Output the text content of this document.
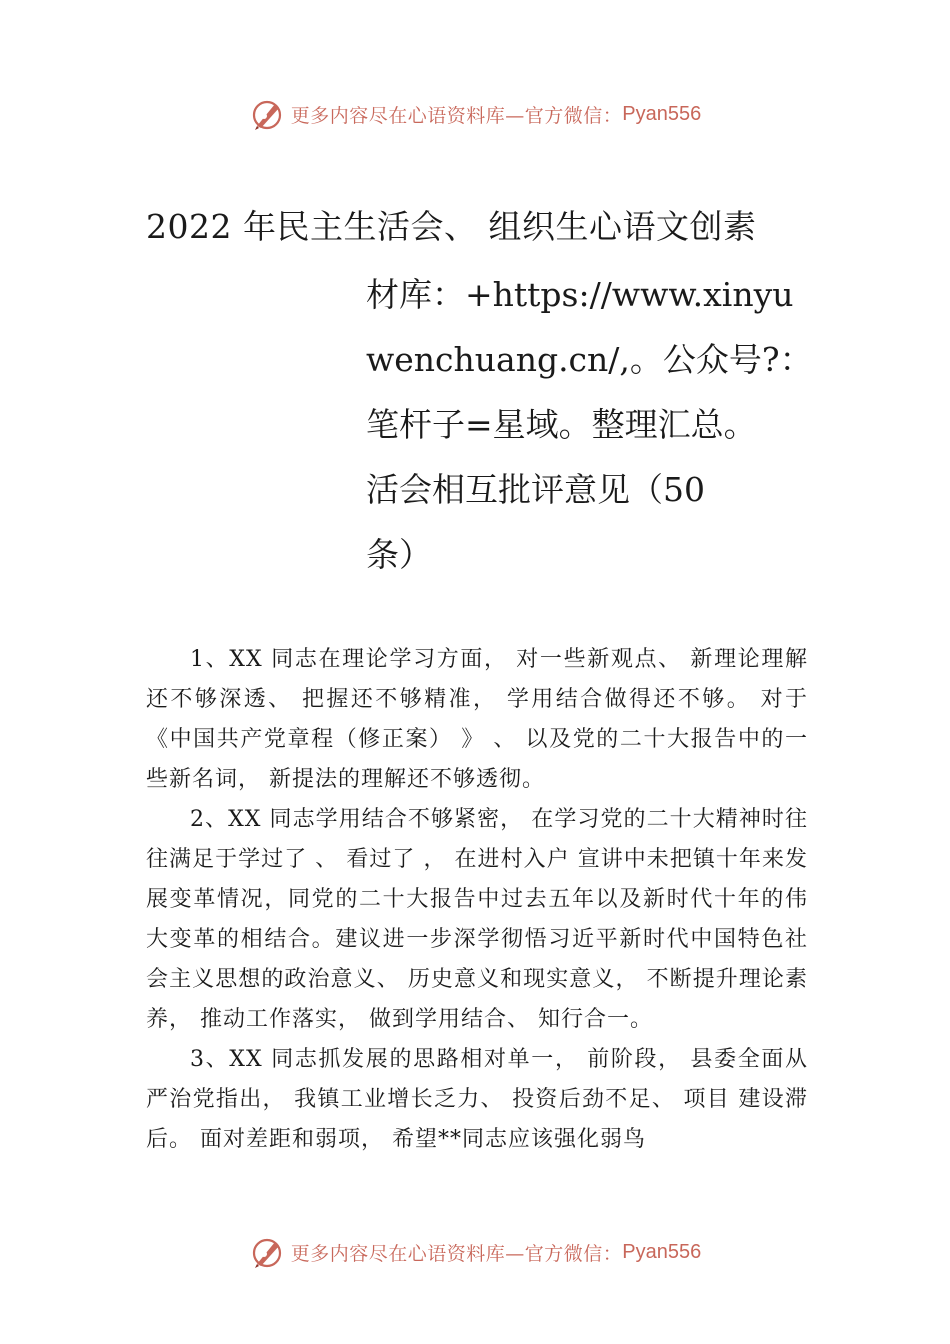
更多内容尽在心语资料库—官方微信： Pyan556
2022 年民主生活会、 组织生心语文创素
材库：+https://www.xinyu
wenchuang.cn/,。公众号?：
笔杆子=星域。整理汇总。
活会相互批评意见（50
条）

1、XX 同志在理论学习方面， 对一些新观点、 新理论理解还不够深透、 把握还不够精准， 学用结合做得还不够。 对于《中国共产党章程（修正案） 》 、 以及党的二十大报告中的一些新名词， 新提法的理解还不够透彻。

2、XX 同志学用结合不够紧密， 在学习党的二十大精神时往往满足于学过了 、 看过了 ， 在进村入户 宣讲中未把镇十年来发展变革情况，同党的二十大报告中过去五年以及新时代十年的伟大变革的相结合。建议进一步深学彻悟习近平新时代中国特色社会主义思想的政治意义、 历史意义和现实意义， 不断提升理论素养， 推动工作落实， 做到学用结合、 知行合一。

3、XX 同志抓发展的思路相对单一， 前阶段， 县委全面从严治党指出， 我镇工业增长乏力、 投资后劲不足、 项目 建设滞后。 面对差距和弱项， 希望**同志应该强化弱鸟

更多内容尽在心语资料库—官方微信： Pyan556
